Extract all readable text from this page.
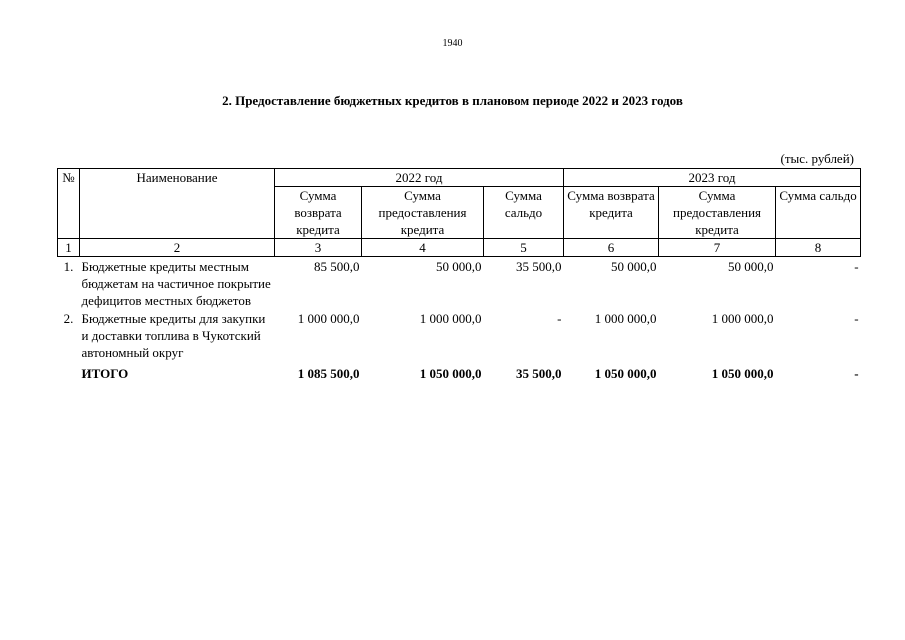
1940
2. Предоставление бюджетных кредитов в плановом периоде 2022 и 2023 годов
(тыс. рублей)
№	Наименование	2022 год			2023 год		
		Сумма возврата кредита	Сумма предоставления кредита	Сумма сальдо	Сумма возврата кредита	Сумма предоставления кредита	Сумма сальдо
1	2	3	4	5	6	7	8
1.	Бюджетные кредиты местным бюджетам на частичное покрытие дефицитов местных бюджетов	85 500,0	50 000,0	35 500,0	50 000,0	50 000,0	-
2.	Бюджетные кредиты для закупки и доставки топлива в Чукотский автономный округ	1 000 000,0	1 000 000,0	-	1 000 000,0	1 000 000,0	-
	ИТОГО	1 085 500,0	1 050 000,0	35 500,0	1 050 000,0	1 050 000,0	-
